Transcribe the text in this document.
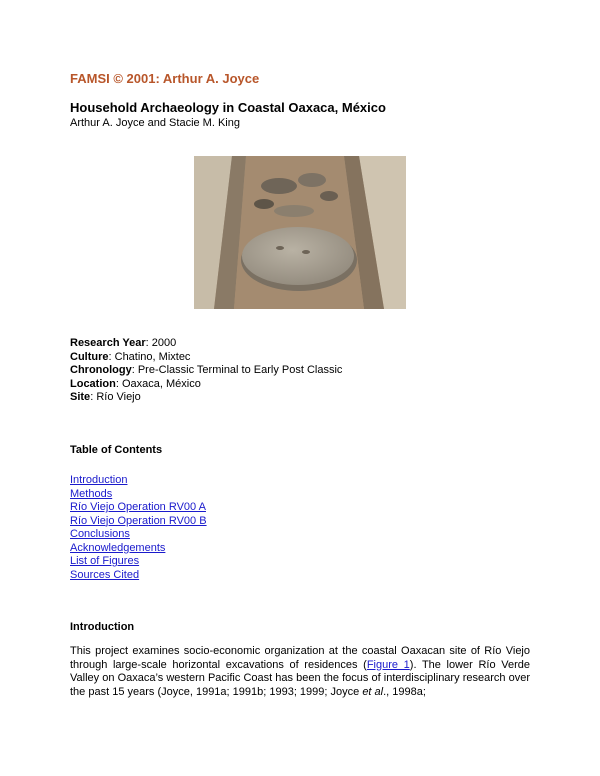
FAMSI © 2001: Arthur A. Joyce
Household Archaeology in Coastal Oaxaca, México
Arthur A. Joyce and Stacie M. King
Research Year: 2000
Culture: Chatino, Mixtec
Chronology: Pre-Classic Terminal to Early Post Classic
Location: Oaxaca, México
Site: Río Viejo
Table of Contents
Introduction
Methods
Río Viejo Operation RV00 A
Río Viejo Operation RV00 B
Conclusions
Acknowledgements
List of Figures
Sources Cited
Introduction
This project examines socio-economic organization at the coastal Oaxacan site of Río Viejo through large-scale horizontal excavations of residences (Figure 1). The lower Río Verde Valley on Oaxaca’s western Pacific Coast has been the focus of interdisciplinary research over the past 15 years (Joyce, 1991a; 1991b; 1993; 1999; Joyce et al., 1998a;
